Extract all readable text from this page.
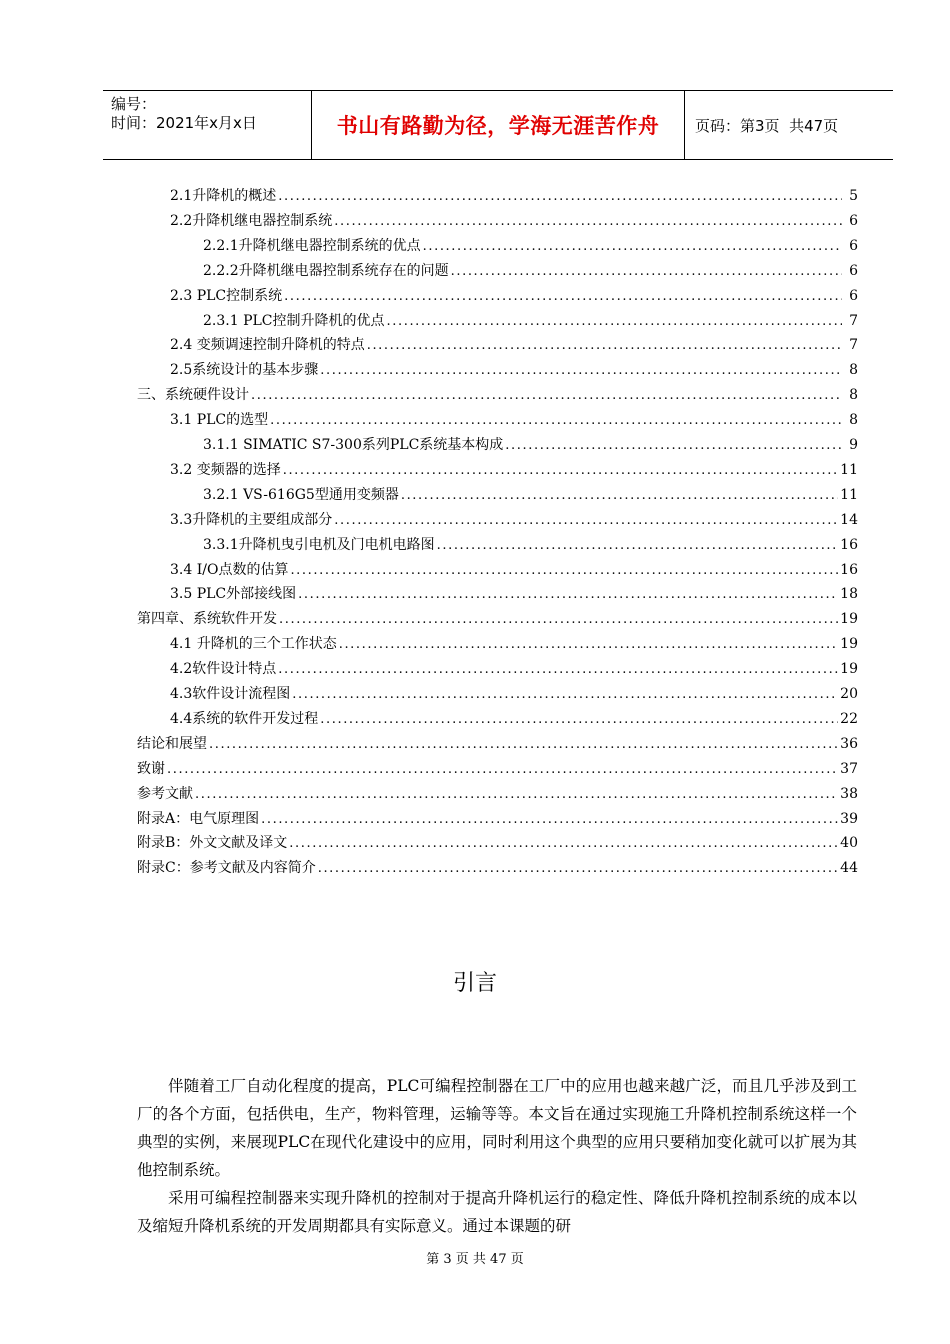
编号：
时间：2021年x月x日	书山有路勤为径，学海无涯苦作舟	页码：第3页  共47页
2.1升降机的概述 .....	5
2.2升降机继电器控制系统 .....	6
2.2.1升降机继电器控制系统的优点 .....	6
2.2.2升降机继电器控制系统存在的问题 .....	6
2.3 PLC控制系统 .....	6
2.3.1 PLC控制升降机的优点 .....	7
2.4 变频调速控制升降机的特点 .....	7
2.5系统设计的基本步骤 .....	8
三、系统硬件设计 .....	8
3.1 PLC的选型 .....	8
3.1.1 SIMATIC S7-300系列PLC系统基本构成 .....	9
3.2 变频器的选择 .....	11
3.2.1 VS-616G5型通用变频器 .....	11
3.3升降机的主要组成部分 .....	14
3.3.1升降机曳引电机及门电机电路图 .....	16
3.4 I/O点数的估算 .....	16
3.5 PLC外部接线图 .....	18
第四章、系统软件开发 .....	19
4.1 升降机的三个工作状态 .....	19
4.2软件设计特点 .....	19
4.3软件设计流程图 .....	20
4.4系统的软件开发过程 .....	22
结论和展望 .....	36
致谢 .....	37
参考文献 .....	38
附录A：电气原理图 .....	39
附录B：外文文献及译文 .....	40
附录C：参考文献及内容简介 .....	44
引言

伴随着工厂自动化程度的提高，PLC可编程控制器在工厂中的应用也越来越广泛，而且几乎涉及到工厂的各个方面，包括供电，生产，物料管理，运输等等。本文旨在通过实现施工升降机控制系统这样一个典型的实例，来展现PLC在现代化建设中的应用，同时利用这个典型的应用只要稍加变化就可以扩展为其他控制系统。

采用可编程控制器来实现升降机的控制对于提高升降机运行的稳定性、降低升降机控制系统的成本以及缩短升降机系统的开发周期都具有实际意义。通过本课题的研

第 3 页 共 47 页
